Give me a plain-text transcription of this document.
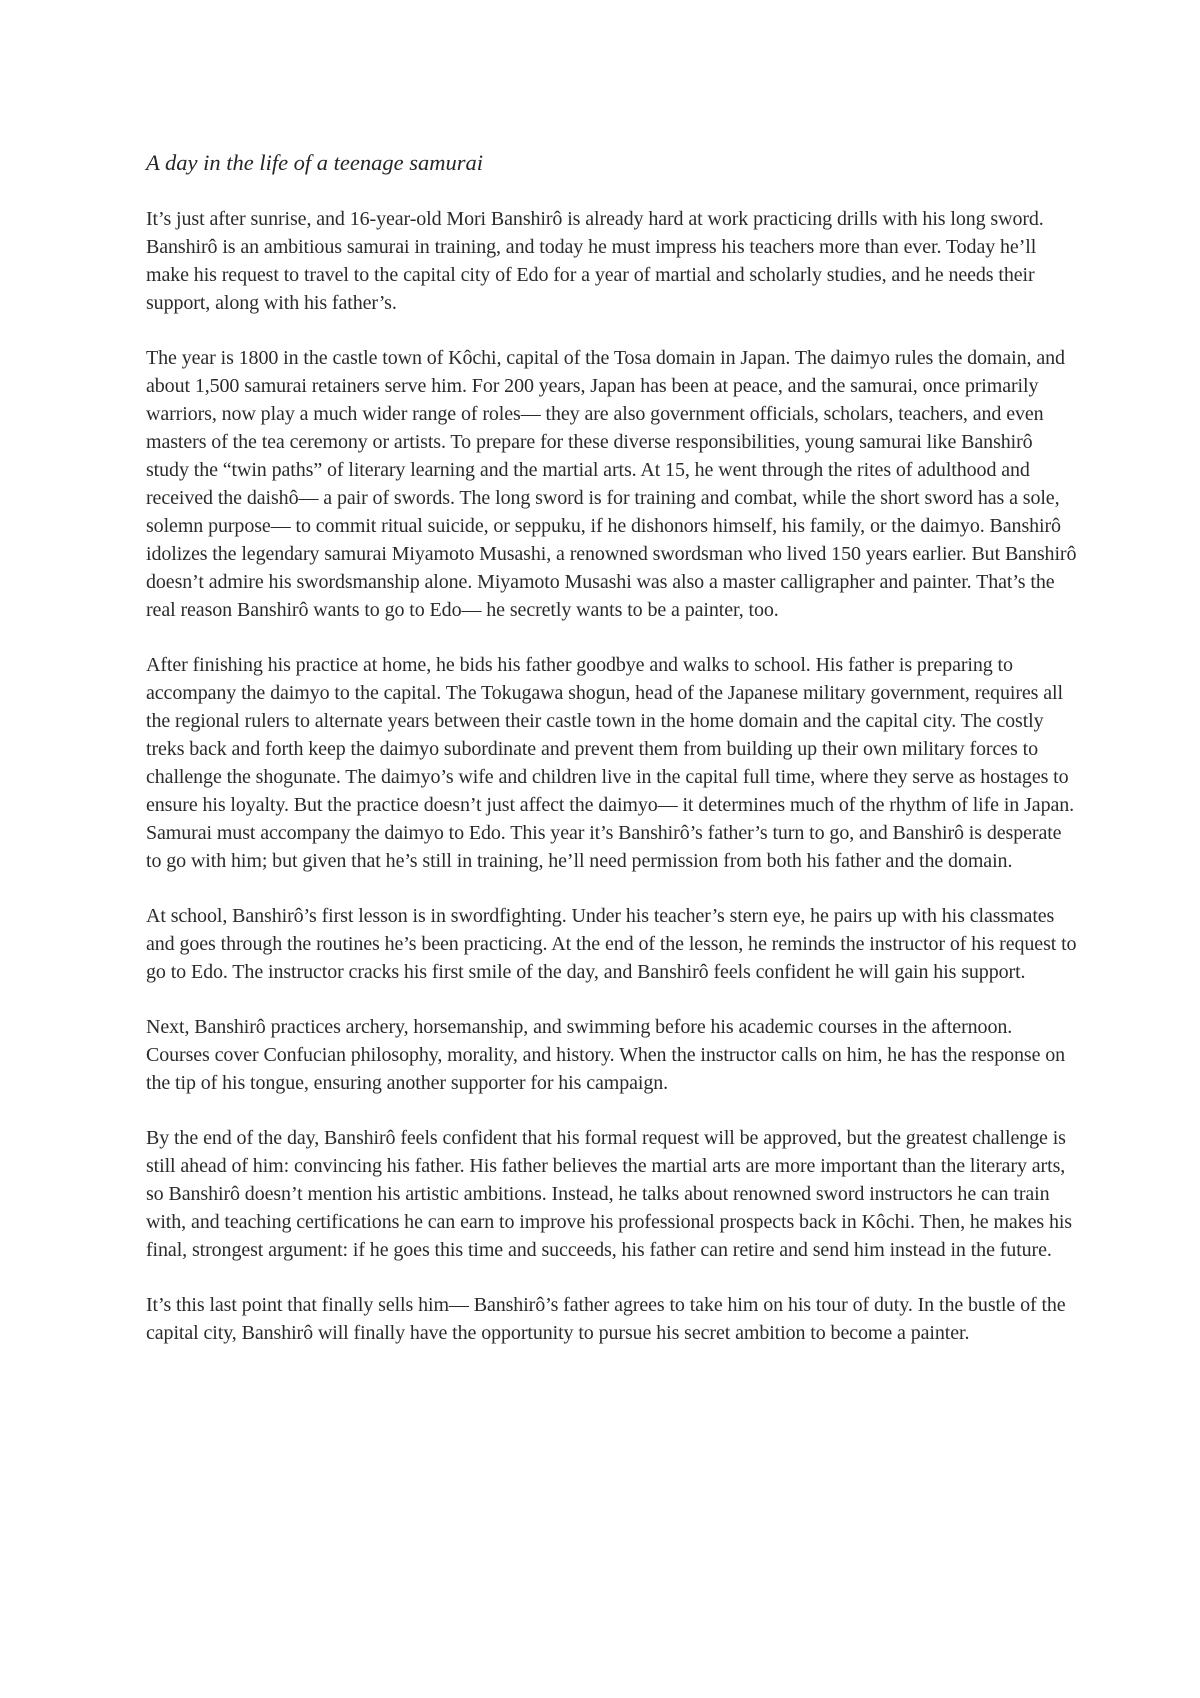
A day in the life of a teenage samurai

It’s just after sunrise, and 16-year-old Mori Banshirô is already hard at work practicing drills with his long sword. Banshirô is an ambitious samurai in training, and today he must impress his teachers more than ever. Today he’ll make his request to travel to the capital city of Edo for a year of martial and scholarly studies, and he needs their support, along with his father’s.

The year is 1800 in the castle town of Kôchi, capital of the Tosa domain in Japan. The daimyo rules the domain, and about 1,500 samurai retainers serve him. For 200 years, Japan has been at peace, and the samurai, once primarily warriors, now play a much wider range of roles— they are also government officials, scholars, teachers, and even masters of the tea ceremony or artists. To prepare for these diverse responsibilities, young samurai like Banshirô study the “twin paths” of literary learning and the martial arts. At 15, he went through the rites of adulthood and received the daishô— a pair of swords. The long sword is for training and combat, while the short sword has a sole, solemn purpose— to commit ritual suicide, or seppuku, if he dishonors himself, his family, or the daimyo. Banshirô idolizes the legendary samurai Miyamoto Musashi, a renowned swordsman who lived 150 years earlier. But Banshirô doesn’t admire his swordsmanship alone. Miyamoto Musashi was also a master calligrapher and painter. That’s the real reason Banshirô wants to go to Edo— he secretly wants to be a painter, too.

After finishing his practice at home, he bids his father goodbye and walks to school. His father is preparing to accompany the daimyo to the capital. The Tokugawa shogun, head of the Japanese military government, requires all the regional rulers to alternate years between their castle town in the home domain and the capital city. The costly treks back and forth keep the daimyo subordinate and prevent them from building up their own military forces to challenge the shogunate. The daimyo’s wife and children live in the capital full time, where they serve as hostages to ensure his loyalty. But the practice doesn’t just affect the daimyo— it determines much of the rhythm of life in Japan. Samurai must accompany the daimyo to Edo. This year it’s Banshirô’s father’s turn to go, and Banshirô is desperate to go with him; but given that he’s still in training, he’ll need permission from both his father and the domain.

At school, Banshirô’s first lesson is in swordfighting. Under his teacher’s stern eye, he pairs up with his classmates and goes through the routines he’s been practicing. At the end of the lesson, he reminds the instructor of his request to go to Edo. The instructor cracks his first smile of the day, and Banshirô feels confident he will gain his support.

Next, Banshirô practices archery, horsemanship, and swimming before his academic courses in the afternoon. Courses cover Confucian philosophy, morality, and history. When the instructor calls on him, he has the response on the tip of his tongue, ensuring another supporter for his campaign.

By the end of the day, Banshirô feels confident that his formal request will be approved, but the greatest challenge is still ahead of him: convincing his father. His father believes the martial arts are more important than the literary arts, so Banshirô doesn’t mention his artistic ambitions. Instead, he talks about renowned sword instructors he can train with, and teaching certifications he can earn to improve his professional prospects back in Kôchi. Then, he makes his final, strongest argument: if he goes this time and succeeds, his father can retire and send him instead in the future.

It’s this last point that finally sells him— Banshirô’s father agrees to take him on his tour of duty. In the bustle of the capital city, Banshirô will finally have the opportunity to pursue his secret ambition to become a painter.
